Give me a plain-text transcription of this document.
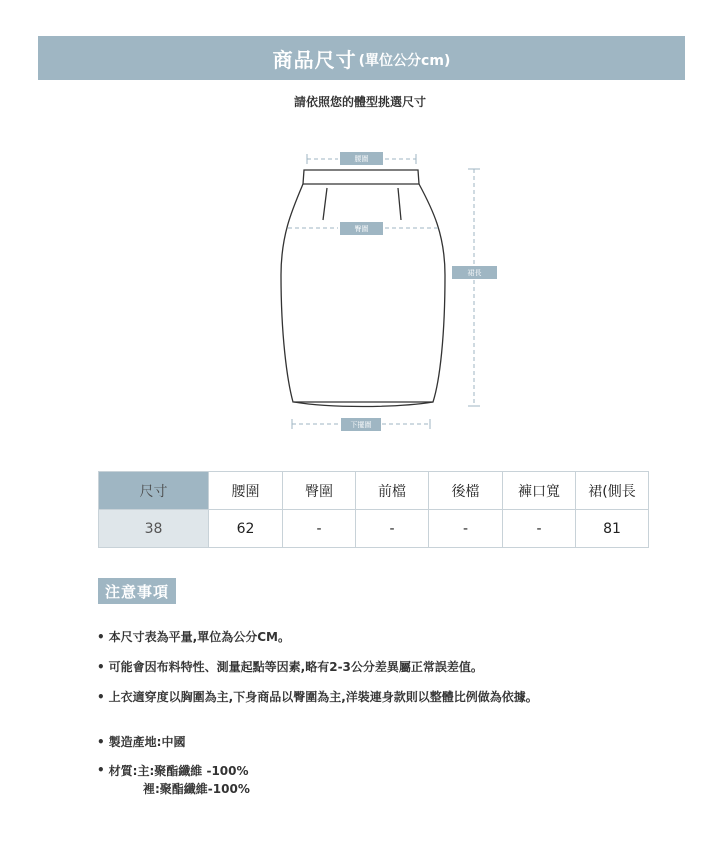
商品尺寸 (單位公分cm)
請依照您的體型挑選尺寸
腰圍
臀圍
裙長
下擺圍
尺寸	腰圍	臀圍	前檔	後檔	褲口寬	裙(側長
38	62	-	-	-	-	81
注意事項
• 本尺寸表為平量,單位為公分CM。
• 可能會因布料特性、測量起點等因素,略有2-3公分差異屬正常誤差值。
• 上衣適穿度以胸圍為主,下身商品以臀圍為主,洋裝連身款則以整體比例做為依據。
• 製造產地:中國
• 材質: 主:聚酯纖維 -100%
裡:聚酯纖維-100%
